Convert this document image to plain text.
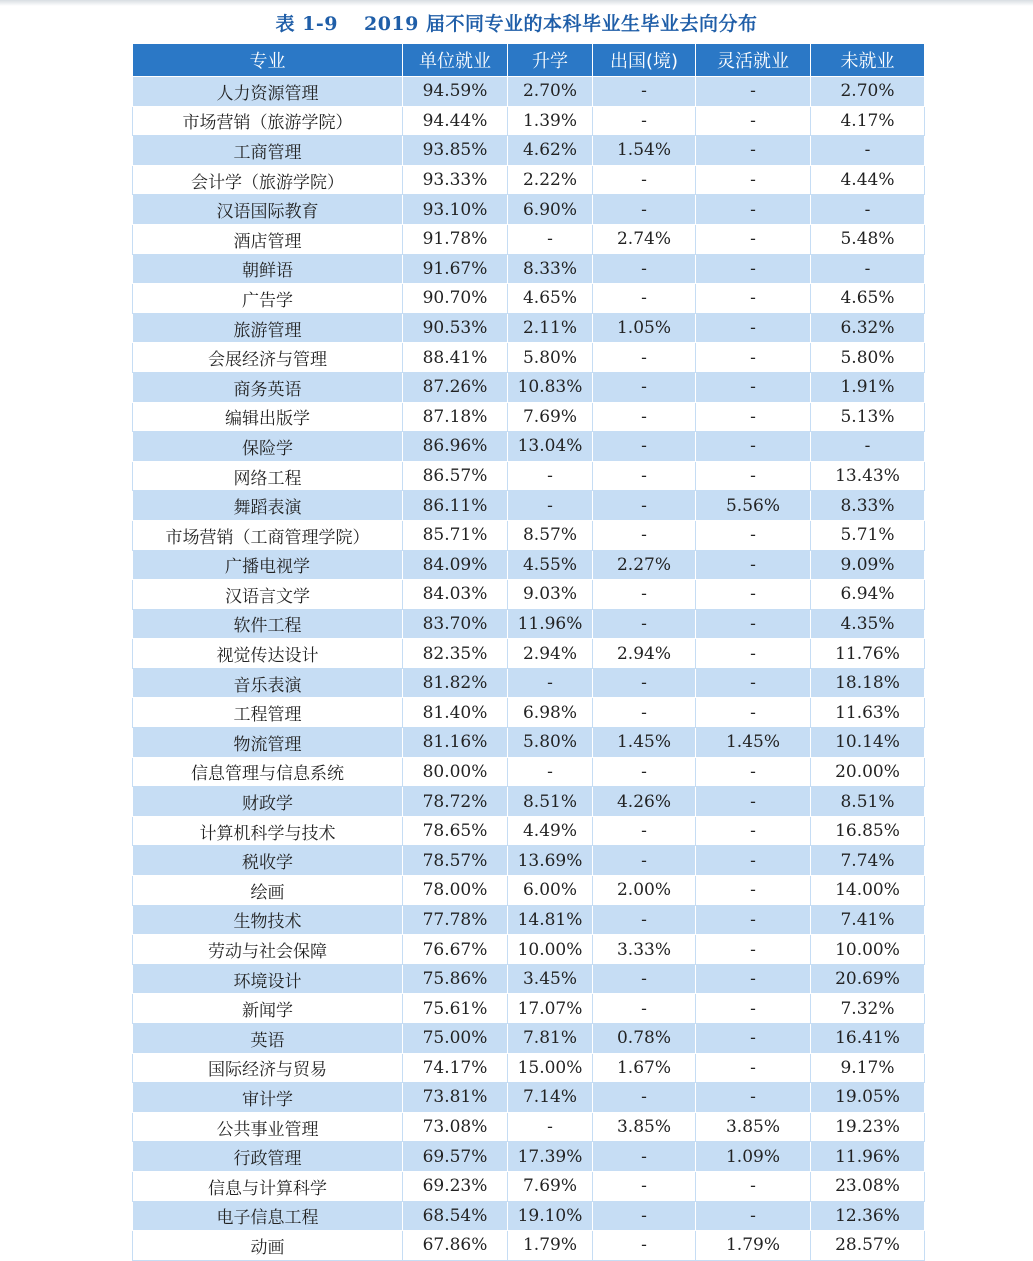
表 1-9 2019 届不同专业的本科毕业生毕业去向分布
专业	单位就业	升学	出国(境)	灵活就业	未就业
人力资源管理	94.59%	2.70%	-	-	2.70%
市场营销（旅游学院）	94.44%	1.39%	-	-	4.17%
工商管理	93.85%	4.62%	1.54%	-	-
会计学（旅游学院）	93.33%	2.22%	-	-	4.44%
汉语国际教育	93.10%	6.90%	-	-	-
酒店管理	91.78%	-	2.74%	-	5.48%
朝鲜语	91.67%	8.33%	-	-	-
广告学	90.70%	4.65%	-	-	4.65%
旅游管理	90.53%	2.11%	1.05%	-	6.32%
会展经济与管理	88.41%	5.80%	-	-	5.80%
商务英语	87.26%	10.83%	-	-	1.91%
编辑出版学	87.18%	7.69%	-	-	5.13%
保险学	86.96%	13.04%	-	-	-
网络工程	86.57%	-	-	-	13.43%
舞蹈表演	86.11%	-	-	5.56%	8.33%
市场营销（工商管理学院）	85.71%	8.57%	-	-	5.71%
广播电视学	84.09%	4.55%	2.27%	-	9.09%
汉语言文学	84.03%	9.03%	-	-	6.94%
软件工程	83.70%	11.96%	-	-	4.35%
视觉传达设计	82.35%	2.94%	2.94%	-	11.76%
音乐表演	81.82%	-	-	-	18.18%
工程管理	81.40%	6.98%	-	-	11.63%
物流管理	81.16%	5.80%	1.45%	1.45%	10.14%
信息管理与信息系统	80.00%	-	-	-	20.00%
财政学	78.72%	8.51%	4.26%	-	8.51%
计算机科学与技术	78.65%	4.49%	-	-	16.85%
税收学	78.57%	13.69%	-	-	7.74%
绘画	78.00%	6.00%	2.00%	-	14.00%
生物技术	77.78%	14.81%	-	-	7.41%
劳动与社会保障	76.67%	10.00%	3.33%	-	10.00%
环境设计	75.86%	3.45%	-	-	20.69%
新闻学	75.61%	17.07%	-	-	7.32%
英语	75.00%	7.81%	0.78%	-	16.41%
国际经济与贸易	74.17%	15.00%	1.67%	-	9.17%
审计学	73.81%	7.14%	-	-	19.05%
公共事业管理	73.08%	-	3.85%	3.85%	19.23%
行政管理	69.57%	17.39%	-	1.09%	11.96%
信息与计算科学	69.23%	7.69%	-	-	23.08%
电子信息工程	68.54%	19.10%	-	-	12.36%
动画	67.86%	1.79%	-	1.79%	28.57%
